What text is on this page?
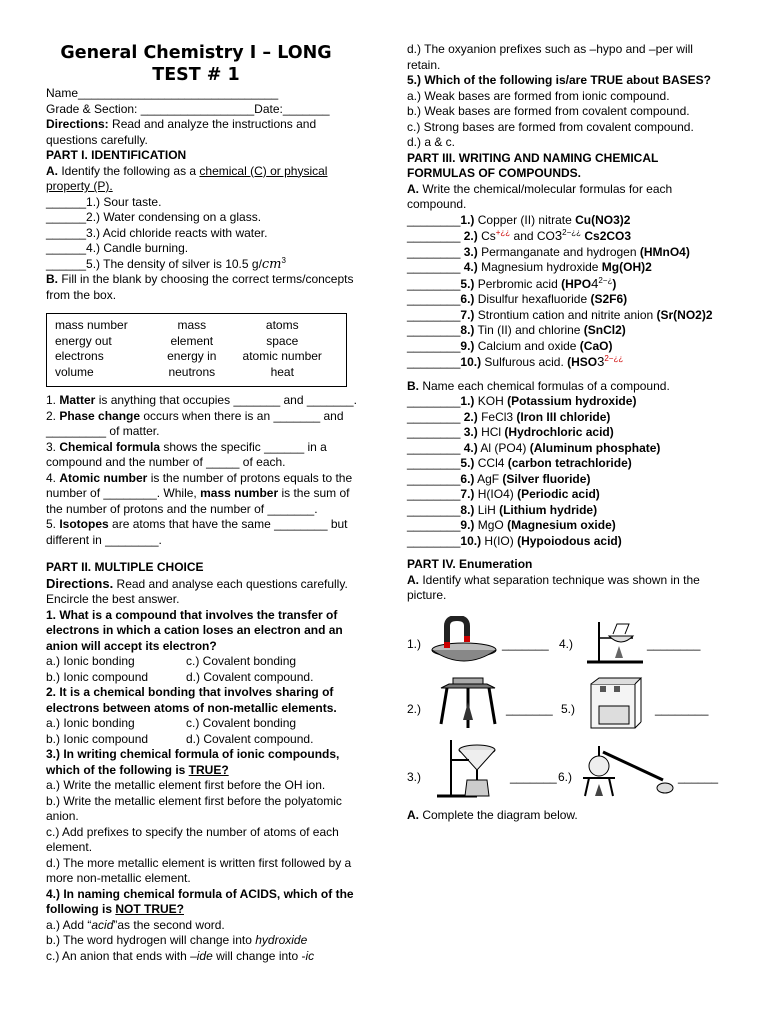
General Chemistry I – LONG
TEST # 1

Name______________________________

Grade & Section: _________________Date:_______

Directions: Read and analyze the instructions and questions carefully.

PART I. IDENTIFICATION

A. Identify the following as a chemical (C) or physical
property (P).

______1.) Sour taste.

______2.) Water condensing on a glass.

______3.) Acid chloride reacts with water.

______4.) Candle burning.

______5.) The density of silver is 10.5 $g/cm^3$

B. Fill in the blank by choosing the correct terms/concepts from the box.

mass number	mass	atoms
energy out	element	space
electrons	energy in	atomic number
volume	neutrons	heat

1. Matter is anything that occupies _______ and _______.

2. Phase change occurs when there is an _______ and _________ of matter.

3. Chemical formula shows the specific ______ in a compound and the number of _____ of each.

4. Atomic number is the number of protons equals to the number of ________. While, mass number is the sum of the number of protons and the number of _______.

5. Isotopes are atoms that have the same ________ but different in ________.

PART II. MULTIPLE CHOICE

Directions. Read and analyse each questions carefully. Encircle the best answer.

1. What is a compound that involves the transfer of electrons in which a cation loses an electron and an anion will accept its electron?

a.) Ionic bonding	c.) Covalent bonding
b.) Ionic compound	d.) Covalent compound.

2. It is a chemical bonding that involves sharing of electrons between atoms of non-metallic elements.

a.) Ionic bonding	c.) Covalent bonding
b.) Ionic compound	d.) Covalent compound.

3.) In writing chemical formula of ionic compounds, which of the following is TRUE?

a.) Write the metallic element first before the OH ion.

b.) Write the metallic element first before the polyatomic anion.

c.) Add prefixes to specify the number of atoms of each element.

d.) The more metallic element is written first followed by a more non-metallic element.

4.) In naming chemical formula of ACIDS, which of the following is NOT TRUE?

a.) Add “acid”as the second word.

b.) The word hydrogen will change into hydroxide

c.) An anion that ends with –ide will change into -ic

d.) The oxyanion prefixes such as –hypo and –per will retain.

5.) Which of the following is/are TRUE about BASES?

a.) Weak bases are formed from ionic compound.

b.) Weak bases are formed from covalent compound.

c.) Strong bases are formed from covalent compound.

d.) a & c.

PART III. WRITING AND NAMING CHEMICAL FORMULAS OF COMPOUNDS.

A. Write the chemical/molecular formulas for each compound.

________1.) Copper (II) nitrate Cu(NO3)2

________ 2.) Cs+¿¿ and $CO3^{2-¿¿}$ Cs2CO3

________ 3.) Permanganate and hydrogen (HMnO4)

________ 4.) Magnesium hydroxide Mg(OH)2

________5.) Perbromic acid $(HPO4^{2-¿})$

________6.) Disulfur hexafluoride (S2F6)

________7.) Strontium cation and nitrite anion (Sr(NO2)2

________8.) Tin (II) and chlorine (SnCl2)

________9.) Calcium and oxide (CaO)

________10.) Sulfurous acid. ($HSO3^{2-¿¿}$

B. Name each chemical formulas of a compound.

________1.) KOH (Potassium hydroxide)

________ 2.) FeCl3 (Iron III chloride)

________ 3.) HCl (Hydrochloric acid)

________ 4.) Al (PO4) (Aluminum phosphate)

________5.) CCl4 (carbon tetrachloride)

________6.) AgF (Silver fluoride)

________7.) H(IO4) (Periodic acid)

________8.) LiH (Lithium hydride)

________9.) MgO (Magnesium oxide)

________10.) H(IO) (Hypoiodous acid)

PART IV. Enumeration

A. Identify what separation technique was shown in the picture.

1.)	_______ 4.)	________
2.)	_______ 5.)	________
3.)	_______ 6.)	______

A. Complete the diagram below.
